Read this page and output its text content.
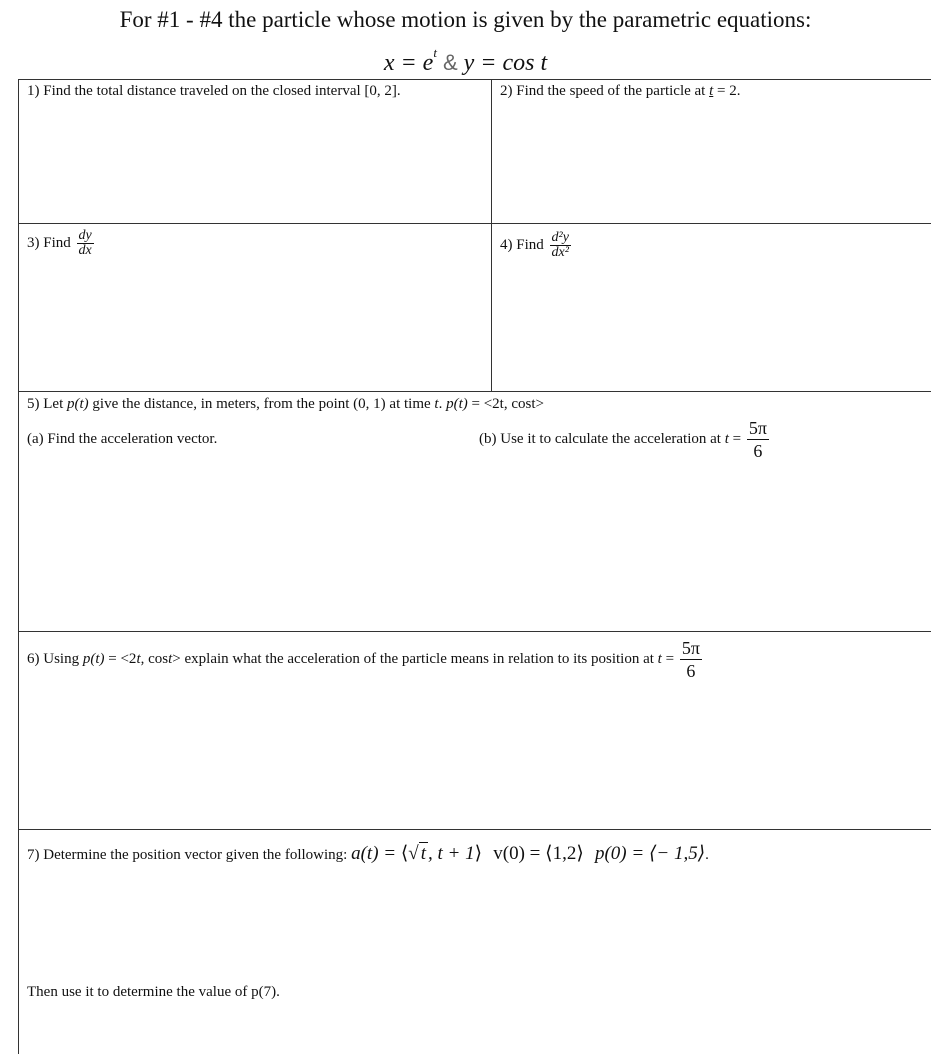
For #1 - #4 the particle whose motion is given by the parametric equations:
$x = e^t$ & y = cos t
1) Find the total distance traveled on the closed interval [0, 2].	2) Find the speed of the particle at t = 2.
3) Find $\frac{dy}{dx}$	4) Find $\frac{\text{d²y}}{\text{dx²}}$
5) Let p(t) give the distance, in meters, from the point (0, 1) at time t. p(t) = <2t, cost>
(a) Find the acceleration vector.	(b) Use it to calculate the acceleration at $t = \frac{5\pi}{6}$
6) Using p(t) = <2t, cost> explain what the acceleration of the particle means in relation to its position at $t = \frac{5\pi}{6}$
7) Determine the position vector given the following: a(t) = ⟨√ t , t + 1⟩ v(0) = ⟨1,2⟩ p(0) = ⟨− 1,5⟩.
Then use it to determine the value of p(7).
